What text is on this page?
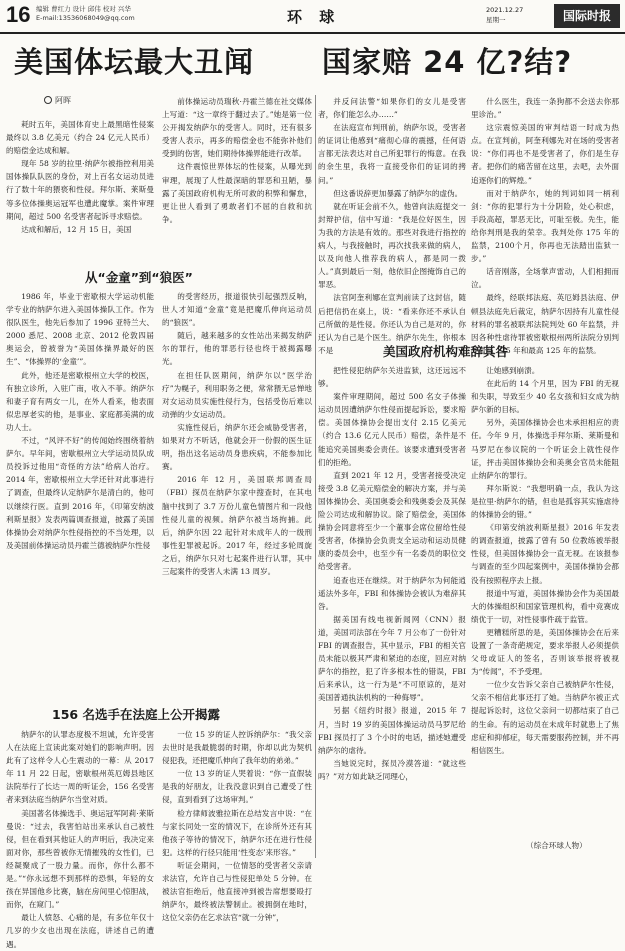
16 编辑 曹红力 设计 邱伟 校对 兴华
E-mail:13536068049@qq.com	环 球	2021.12.27
星期一	国际时报
美国体坛最大丑闻 国家赔 24 亿?结?
阿晖

耗时五年，美国体育史上最黑暗性侵案最终以 3.8 亿美元（约合 24 亿元人民币）的赔偿金达成和解。

现年 58 岁的拉里·纳萨尔被指控利用美国体操队队医的身份，对上百名女运动员进行了数十年的猥亵和性侵。拜尔斯、莱斯曼等多位体操奥运冠军也遭此魔掌。案件审理期间，超过 500 名受害者起诉寻求赔偿。

达成和解后，12 月 15 日，美国

前体操运动员瑞秋·丹霍兰德在社交媒体上写道：“这一章终于翻过去了。”她是第一位公开揭发纳萨尔的受害人。同时，还有很多受害人表示，再多的赔偿金也不能弥补他们受到的伤害，她们期待体操界能进行改革。

这件震惊世界体坛的性侵案，从曝光到审理，展现了人性最深暗的罪恶和丑陋，暴露了美国政府机构无所可救的积弊和懈怠，更让世人看到了勇敢者们不屈的自救和抗争。

并反问法警“如果你们的女儿是受害者，你们能怎么办……”

在法庭宣布判刑前，纳萨尔说，受害者的证词让他感到“痛彻心扉的震撼，任何语言都无法表达对自己所犯罪行的悔意。在我的余生里，我将一直接受你们的证词的拷问。”

但这番说辞更加暴露了纳萨尔的虚伪。

就在听证会前不久，他曾向法庭提交一封辩护信，信中写道：“我是位好医生，因为我的方法是有效的。那些对我进行指控的病人，与我接触时，再次找我来做的病人，以及向他人推荐我的病人，都是同一拨人。”真到最后一刻，他依旧企图掩饰自己的罪恶。

法官阿奎利娜在宣判前读了这封信，随后把信扔在桌上，说：“看来你还不承认自己所做的是性侵。你还认为自己是对的，你还认为自己是个医生。纳萨尔先生，你根本不是

什么医生，我连一条狗都不会送去你那里诊治。”

这宗震惊美国的审判结语一时成为热点。在宣判前，阿奎利娜先对在场的受害者说：“你们再也不是受害者了，你们是生存者。把你们的痛苦留在这里，去吧，去外面追逐你们的辉煌。”

而对于纳萨尔，她的判词如同一柄利剑：“你的犯罪行为十分阴险，处心积虑，手段高超，罪恶无比，可耻至极。先生，能给你判刑是我的荣幸。我判处你 175 年的监禁，2100个月，你再也无法踏出监狱一步。”

话音刚落，全场掌声雷动，人们相拥而泣。

最终，经联邦法庭、英厄姆县法庭、伊顿县法庭先后裁定，纳萨尔因持有儿童性侵材料的罪名被联邦法院判处 60 年监禁，并因各种性虐待罪被密歇根州两所法院分别判处最高 175 年和最高 125 年的监禁。

从“金童”到“狼医”

1986 年，毕业于密歇根大学运动机能学专业的纳萨尔进入美国体操队工作。作为很队医生，他先后参加了 1996 亚特兰大、2000 悉尼、2008 北京、2012 伦敦四届奥运会，曾被誉为“美国体操界最好的医生”、“体操界的‘金童’”。

此外，他还是密歇根州立大学的校医，有独立诊所，入驻广南，收入不菲。纳萨尔和妻子育有两女一儿，在外人看来，他表面似忠厚老实的他，是事业、家庭都美满的成功人士。

不过，“风评不好”的传闻始终围绕着纳萨尔。早年间，密歇根州立大学运动员队成员投诉过他用“奇怪的方法”给病人治疗。2014 年，密歇根州立大学还针对此事进行了调查，但最终认定纳萨尔是清白的，他可以继续行医。直到 2016 年，《印第安纳波利斯星报》发表两篇调查报道，披露了美国体操协会对纳萨尔性侵指控的不当处理，以及美国前体操运动员丹霍兰德被纳萨尔性侵

的受害经历，报道很快引起强烈反响，世人才知道“金童”竟是把魔爪伸向运动员的“狼医”。

随后，越来越多的女性站出来揭发纳萨尔的罪行，他的罪恶行径也终于被揭露曝光。

在担任队医期间，纳萨尔以“医学治疗”为幌子，利用职务之便，常常猥无忌惮地对女运动员实施性侵行为，包括受伤后难以动弹的少女运动员。

实施性侵后，纳萨尔还会威胁受害者，如果对方不听话，他就会开一份假的医生证明，指出这名运动员身患疾病，不能参加比赛。

2016 年 12 月，美国联邦调查局（FBI）探员在纳萨尔家中搜查时，在其电脑中找到了 3.7 万份儿童色情图片和一段他性侵儿童的视频。纳萨尔被当场拘捕。此后，纳萨尔因 22 起针对未成年人的一级刑事性犯罪被起诉。2017 年，经过多轮周旋之后，纳萨尔只对七起案件进行认罪，其中三起案件的受害人未满 13 周岁。

156 名选手在法庭上公开揭露

纳萨尔的认罪态度极不坦诚，允许受害人在法庭上宣读此案对她们的影响声明。因此有了这样令人心生震动的一幕：从 2017 年 11 月 22 日起，密歇根州英厄姆县地区法院举行了长达一周的听证会，156 名受害者来到法庭当纳萨尔当堂对质。

美国著名体操选手、奥运冠军阿莉·莱斯曼说：“过去，我害怕站出来承认自己被性侵，但在看到其他证人的声明后，我决定来面对你，那些曾被你无情摧残的女性们，已经凝聚成了一股力量。而你，你什么都不是。”“你永远想不到那样的恐惧，年轻的女孩在异国他乡比赛，脑在房间里心惊胆战，而你，在窥门。”

最让人愤怒、心痛的是，有多位年仅十几岁的少女也出现在法庭，讲述自己的遭遇。

一位 15 岁的证人控诉纳萨尔：“我父亲去世时是我最脆弱的时期，你却以此为契机侵犯我，还把魔爪伸向了我年幼的弟弟。”

一位 13 岁的证人哭着说：“你一直假装是我的好朋友，让我没意识到自己遭受了性侵，直到看到了这场审判。”

检方律师波雅拉斯在总结发言中说：“在与家长同处一室的情况下，在诊所外还有其他孩子等待的情况下，纳萨尔还在进行性侵犯。这样的行径只能用‘性变态’来形容。”

听证会期间，一位情怒的受害者父亲请求法官，允许自己与性侵犯单处 5 分钟。在被法官拒绝后，他直接冲到被告席想要殴打纳萨尔，最终被法警制止。被拥倒在地时，这位父亲仍在乞求法官“就一分钟”，

美国政府机构难辞其咎

把性侵犯纳萨尔关进监狱，这还远远不够。

案件审理期间，超过 500 名女子体操运动员因遭纳萨尔性侵而提起诉讼，要求赔偿。美国体操协会提出支付 2.15 亿美元（约合 13.6 亿元人民币）赔偿，条件是不能追究美国奥委会责任。该要求遭到受害者们的拒绝。

直到 2021 年 12 月，受害者接受决定接受 3.8 亿美元赔偿金的解决方案，并与美国体操协会、美国奥委会和残奥委会及其保险公司达成和解协议。除了赔偿金，美国体操协会同意将至少一个董事会席位留给性侵受害者，体操协会负责支全运动和运动员健康的委员会中，也至少有一名委员的职位交给受害者。

追查也还在继续。对于纳萨尔为何能逍遥法外多年，FBI 和体操协会被认为难辞其咎。

据美国有线电视新闻网（CNN）报道，美国司法部在今年 7 月公布了一份针对 FBI 的调查报告，其中显示，FBI 的相关官员未能以极其严肃和紧迫的态度，回应对纳萨尔的指控，犯了许多根本性的错误，FBI 后来承认，这一行为是“不可原谅的，是对美国普通执法机构的一种侮辱”。

另据《纽约时报》报道，2015 年 7 月，当时 19 岁的美国体操运动员马罗尼给 FBI 探员打了 3 个小时的电话，描述她遭受纳萨尔的虐待。

当她说完时，探员冷漠答道：“就这些吗？”对方如此缺乏同理心，

让她感到崩溃。

在此后的 14 个月里，因为 FBI 的无视和失职，导致至少 40 名女孩和妇女成为纳萨尔新的目标。

另外，美国体操协会也未承担相应的责任。今年 9 月，体操选手拜尔斯、莱斯曼和马罗尼在参议院的一个听证会上就性侵作证，抨击美国体操协会和美奥会官员未能阻止纳萨尔的罪行。

拜尔斯说：“我想明确一点，我认为这是拉里·纳萨尔的错，但也是孤容其实施虐待的体操协会的错。”

《印第安纳波利斯星报》2016 年发表的调查报道，披露了曾有 50 位教练被举报性侵，但美国体操协会一直无视。在该报参与调查的至少四起案例中，美国体操协会都没有按照程序去上报。

报道中写道，美国体操协会作为美国最大的体操组织和国家管理机构，看中竞赛成绩优于一切，对性侵事件疏于监管。

更糟糕所思的是，美国体操协会在后来设置了一条奇葩规定，要求举报人必须提供父母或证人的签名，否则该举报将被视为“传闻”，不予受理。

一位少女告诉父亲自己被纳萨尔性侵，父亲不相信此事还打了她。当纳萨尔被正式提起诉讼时，这位父亲问一切都结束了自己的生命。有的运动员在未成年时就患上了焦虑症和抑郁症，每天需要服药控制，并不再相信医生。

（综合环球人物）
